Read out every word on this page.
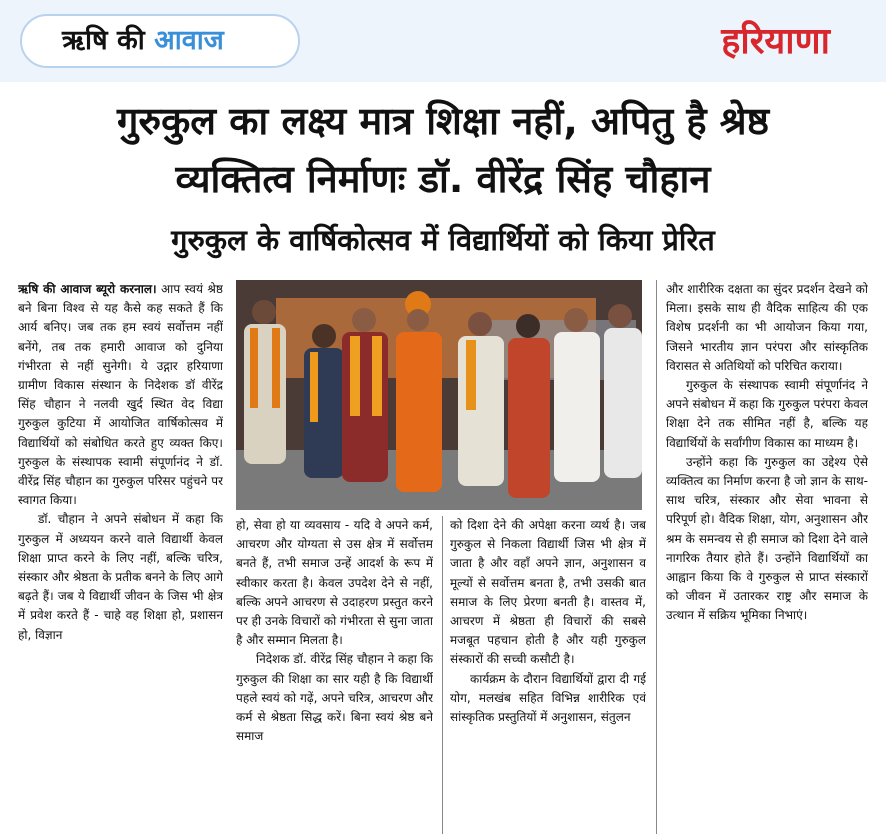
ऋषि की आवाज	हरियाणा
गुरुकुल का लक्ष्य मात्र शिक्षा नहीं, अपितु है श्रेष्ठ
व्यक्तित्व निर्माणः डॉ. वीरेंद्र सिंह चौहान
गुरुकुल के वार्षिकोत्सव में विद्यार्थियों को किया प्रेरित

ऋषि की आवाज ब्यूरो करनाल। आप स्वयं श्रेष्ठ बने बिना विश्व से यह कैसे कह सकते हैं कि आर्य बनिए। जब तक हम स्वयं सर्वोत्तम नहीं बनेंगे, तब तक हमारी आवाज को दुनिया गंभीरता से नहीं सुनेगी। ये उद्गार हरियाणा ग्रामीण विकास संस्थान के निदेशक डॉ वीरेंद्र सिंह चौहान ने नलवी खुर्द स्थित वेद विद्या गुरुकुल कुटिया में आयोजित वार्षिकोत्सव में विद्यार्थियों को संबोधित करते हुए व्यक्त किए। गुरुकुल के संस्थापक स्वामी संपूर्णानंद ने डॉ. वीरेंद्र सिंह चौहान का गुरुकुल परिसर पहुंचने पर स्वागत किया।

डॉ. चौहान ने अपने संबोधन में कहा कि गुरुकुल में अध्ययन करने वाले विद्यार्थी केवल शिक्षा प्राप्त करने के लिए नहीं, बल्कि चरित्र, संस्कार और श्रेष्ठता के प्रतीक बनने के लिए आगे बढ़ते हैं। जब ये विद्यार्थी जीवन के जिस भी क्षेत्र में प्रवेश करते हैं - चाहे वह शिक्षा हो, प्रशासन हो, विज्ञान

हो, सेवा हो या व्यवसाय - यदि वे अपने कर्म, आचरण और योग्यता से उस क्षेत्र में सर्वोत्तम बनते हैं, तभी समाज उन्हें आदर्श के रूप में स्वीकार करता है। केवल उपदेश देने से नहीं, बल्कि अपने आचरण से उदाहरण प्रस्तुत करने पर ही उनके विचारों को गंभीरता से सुना जाता है और सम्मान मिलता है।

निदेशक डॉ. वीरेंद्र सिंह चौहान ने कहा कि गुरुकुल की शिक्षा का सार यही है कि विद्यार्थी पहले स्वयं को गढ़ें, अपने चरित्र, आचरण और कर्म से श्रेष्ठता सिद्ध करें। बिना स्वयं श्रेष्ठ बने समाज

को दिशा देने की अपेक्षा करना व्यर्थ है। जब गुरुकुल से निकला विद्यार्थी जिस भी क्षेत्र में जाता है और वहाँ अपने ज्ञान, अनुशासन व मूल्यों से सर्वोत्तम बनता है, तभी उसकी बात समाज के लिए प्रेरणा बनती है। वास्तव में, आचरण में श्रेष्ठता ही विचारों की सबसे मजबूत पहचान होती है और यही गुरुकुल संस्कारों की सच्ची कसौटी है।

कार्यक्रम के दौरान विद्यार्थियों द्वारा दी गई योग, मलखंब सहित विभिन्न शारीरिक एवं सांस्कृतिक प्रस्तुतियों में अनुशासन, संतुलन

और शारीरिक दक्षता का सुंदर प्रदर्शन देखने को मिला। इसके साथ ही वैदिक साहित्य की एक विशेष प्रदर्शनी का भी आयोजन किया गया, जिसने भारतीय ज्ञान परंपरा और सांस्कृतिक विरासत से अतिथियों को परिचित कराया।

गुरुकुल के संस्थापक स्वामी संपूर्णानंद ने अपने संबोधन में कहा कि गुरुकुल परंपरा केवल शिक्षा देने तक सीमित नहीं है, बल्कि यह विद्यार्थियों के सर्वांगीण विकास का माध्यम है।

उन्होंने कहा कि गुरुकुल का उद्देश्य ऐसे व्यक्तित्व का निर्माण करना है जो ज्ञान के साथ-साथ चरित्र, संस्कार और सेवा भावना से परिपूर्ण हो। वैदिक शिक्षा, योग, अनुशासन और श्रम के समन्वय से ही समाज को दिशा देने वाले नागरिक तैयार होते हैं। उन्होंने विद्यार्थियों का आह्वान किया कि वे गुरुकुल से प्राप्त संस्कारों को जीवन में उतारकर राष्ट्र और समाज के उत्थान में सक्रिय भूमिका निभाएं।
